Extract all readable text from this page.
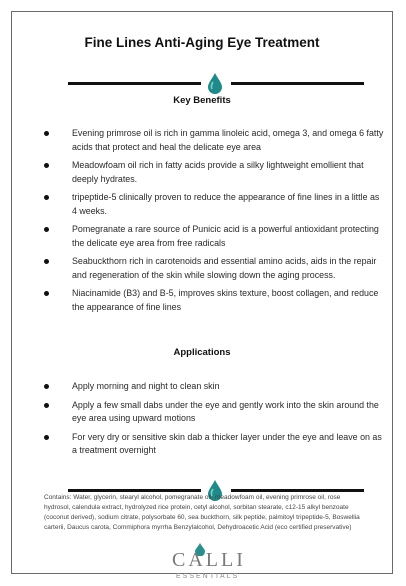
Fine Lines Anti-Aging Eye Treatment
Key Benefits
Evening primrose oil is rich in gamma linoleic acid, omega 3, and omega 6 fatty acids that protect and heal the delicate eye area
Meadowfoam oil rich in fatty acids provide a silky lightweight emollient that deeply hydrates.
tripeptide-5 clinically proven to reduce the appearance of fine lines in a little as 4 weeks.
Pomegranate a rare source of Punicic acid is a powerful antioxidant protecting the delicate eye area from free radicals
Seabuckthorn rich in carotenoids and essential amino acids, aids in the repair and regeneration of the skin while slowing down the aging process.
Niacinamide (B3) and B-5, improves skins texture, boost collagen, and reduce the appearance of fine lines
Applications
Apply morning and night to clean skin
Apply a few small dabs under the eye and gently work into the skin around the eye area using upward motions
For very dry or sensitive skin dab a thicker layer under the eye and leave on as a treatment overnight
Contains: Water, glycerin, stearyl alcohol, pomegranate oil, meadowfoam oil, evening primrose oil, rose hydrosol, calendula extract, hydrolyzed rice protein, cetyl alcohol, sorbitan stearate, c12-15 alkyl benzoate (coconut derived), sodium citrate, polysorbate 60, sea buckthorn, silk peptide, palmitoyl tripeptide-5, Boswellia carterii, Daucus carota, Commiphora myrrha Benzylalcohol, Dehydroacetic Acid (eco certified preservative)
CALLI
ESSENTIALS
